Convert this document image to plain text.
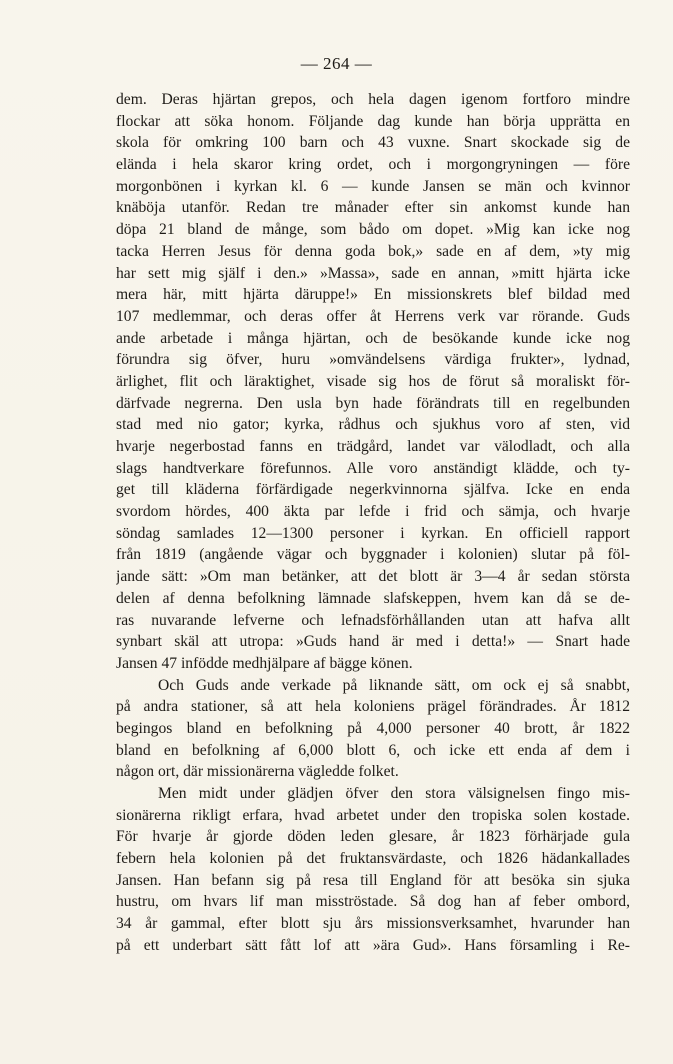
— 264 —
dem. Deras hjärtan grepos, och hela dagen igenom fortforo mindre
flockar att söka honom. Följande dag kunde han börja upprätta en
skola för omkring 100 barn och 43 vuxne. Snart skockade sig de
elända i hela skaror kring ordet, och i morgongryningen — före
morgonbönen i kyrkan kl. 6 — kunde Jansen se män och kvinnor
knäböja utanför. Redan tre månader efter sin ankomst kunde han
döpa 21 bland de månge, som bådo om dopet. »Mig kan icke nog
tacka Herren Jesus för denna goda bok,» sade en af dem, »ty mig
har sett mig själf i den.» »Massa», sade en annan, »mitt hjärta icke
mera här, mitt hjärta däruppe!» En missionskrets blef bildad med
107 medlemmar, och deras offer åt Herrens verk var rörande. Guds
ande arbetade i många hjärtan, och de besökande kunde icke nog
förundra sig öfver, huru »omvändelsens värdiga frukter», lydnad,
ärlighet, flit och läraktighet, visade sig hos de förut så moraliskt för-
därfvade negrerna. Den usla byn hade förändrats till en regelbunden
stad med nio gator; kyrka, rådhus och sjukhus voro af sten, vid
hvarje negerbostad fanns en trädgård, landet var välodladt, och alla
slags handtverkare förefunnos. Alle voro anständigt klädde, och ty-
get till kläderna förfärdigade negerkvinnorna själfva. Icke en enda
svordom hördes, 400 äkta par lefde i frid och sämja, och hvarje
söndag samlades 12—1300 personer i kyrkan. En officiell rapport
från 1819 (angående vägar och byggnader i kolonien) slutar på föl-
jande sätt: »Om man betänker, att det blott är 3—4 år sedan största
delen af denna befolkning lämnade slafskeppen, hvem kan då se de-
ras nuvarande lefverne och lefnadsförhållanden utan att hafva allt
synbart skäl att utropa: »Guds hand är med i detta!» — Snart hade
Jansen 47 infödde medhjälpare af bägge könen.
Och Guds ande verkade på liknande sätt, om ock ej så snabbt,
på andra stationer, så att hela koloniens prägel förändrades. År 1812
begingos bland en befolkning på 4,000 personer 40 brott, år 1822
bland en befolkning af 6,000 blott 6, och icke ett enda af dem i
någon ort, där missionärerna vägledde folket.
Men midt under glädjen öfver den stora välsignelsen fingo mis-
sionärerna rikligt erfara, hvad arbetet under den tropiska solen kostade.
För hvarje år gjorde döden leden glesare, år 1823 förhärjade gula
febern hela kolonien på det fruktansvärdaste, och 1826 hädankallades
Jansen. Han befann sig på resa till England för att besöka sin sjuka
hustru, om hvars lif man misströstade. Så dog han af feber ombord,
34 år gammal, efter blott sju års missionsverksamhet, hvarunder han
på ett underbart sätt fått lof att »ära Gud». Hans församling i Re-
